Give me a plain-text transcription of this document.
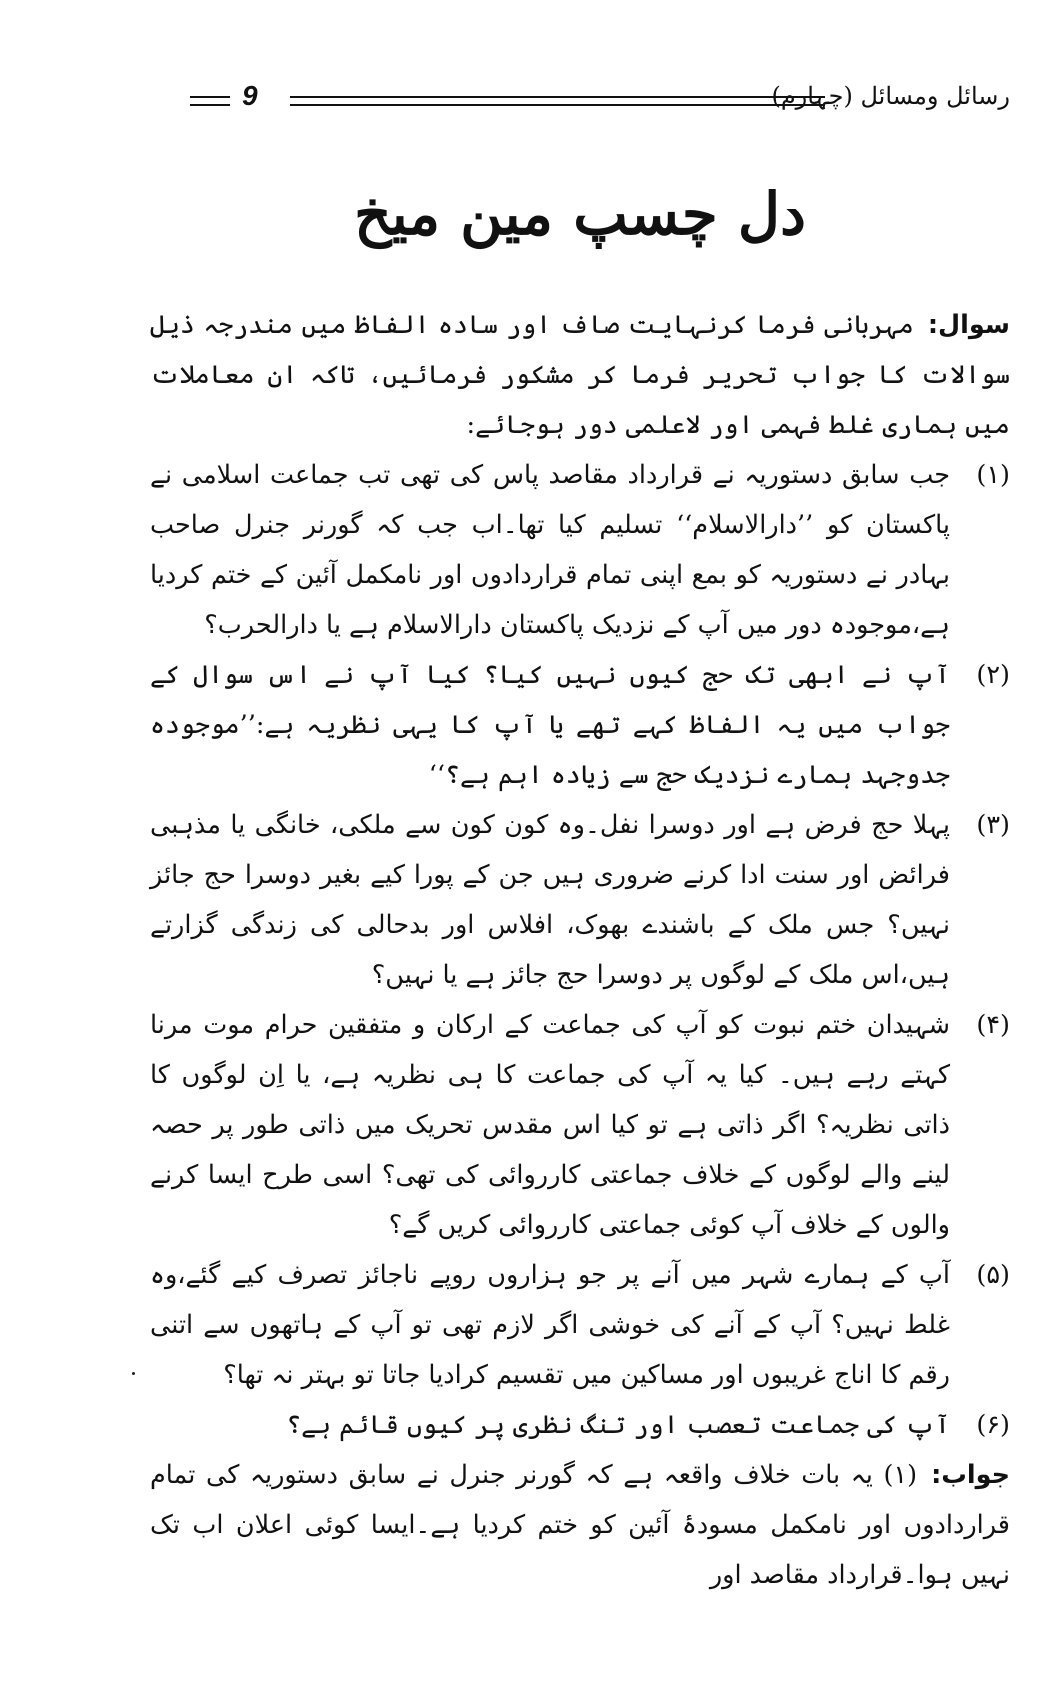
رسائل ومسائل (چہارم)
9
دل چسپ مین میخ

سوال:مہربانی فرما کرنہایت صاف اور سادہ الفاظ میں مندرجہ ذیل سوالات کا جواب تحریر فرما کر مشکور فرمائیں، تاکہ ان معاملات میں ہماری غلط فہمی اور لاعلمی دور ہوجائے:

(۱)
جب سابق دستوریہ نے قرارداد مقاصد پاس کی تھی تب جماعت اسلامی نے پاکستان کو ’’دارالاسلام‘‘ تسلیم کیا تھا۔اب جب کہ گورنر جنرل صاحب بہادر نے دستوریہ کو بمع اپنی تمام قراردادوں اور نامکمل آئین کے ختم کردیا ہے،موجودہ دور میں آپ کے نزدیک پاکستان دارالاسلام ہے یا دارالحرب؟
(۲)
آپ نے ابھی تک حج کیوں نہیں کیا؟ کیا آپ نے اس سوال کے جواب میں یہ الفاظ کہے تھے یا آپ کا یہی نظریہ ہے:’’موجودہ جدوجہد ہمارے نزدیک حج سے زیادہ اہم ہے؟‘‘
(۳)
پہلا حج فرض ہے اور دوسرا نفل۔وہ کون کون سے ملکی، خانگی یا مذہبی فرائض اور سنت ادا کرنے ضروری ہیں جن کے پورا کیے بغیر دوسرا حج جائز نہیں؟ جس ملک کے باشندے بھوک، افلاس اور بدحالی کی زندگی گزارتے ہیں،اس ملک کے لوگوں پر دوسرا حج جائز ہے یا نہیں؟
(۴)
شہیدان ختم نبوت کو آپ کی جماعت کے ارکان و متفقین حرام موت مرنا کہتے رہے ہیں۔ کیا یہ آپ کی جماعت کا ہی نظریہ ہے، یا اِن لوگوں کا ذاتی نظریہ؟ اگر ذاتی ہے تو کیا اس مقدس تحریک میں ذاتی طور پر حصہ لینے والے لوگوں کے خلاف جماعتی کارروائی کی تھی؟ اسی طرح ایسا کرنے والوں کے خلاف آپ کوئی جماعتی کارروائی کریں گے؟
(۵)
آپ کے ہمارے شہر میں آنے پر جو ہزاروں روپے ناجائز تصرف کیے گئے،وہ غلط نہیں؟ آپ کے آنے کی خوشی اگر لازم تھی تو آپ کے ہاتھوں سے اتنی رقم کا اناج غریبوں اور مساکین میں تقسیم کرادیا جاتا تو بہتر نہ تھا؟
(۶)
آپ کی جماعت تعصب اور تنگ نظری پر کیوں قائم ہے؟

جواب:(۱) یہ بات خلاف واقعہ ہے کہ گورنر جنرل نے سابق دستوریہ کی تمام قراردادوں اور نامکمل مسودۂ آئین کو ختم کردیا ہے۔ایسا کوئی اعلان اب تک نہیں ہوا۔قرارداد مقاصد اور
